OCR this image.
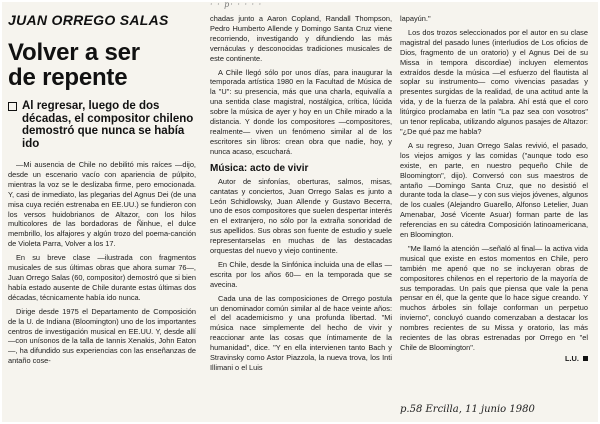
· · p· · · · ·
JUAN ORREGO SALAS
Volver a ser
de repente
Al regresar, luego de dos décadas, el compositor chileno demostró que nunca se había ido

—Mi ausencia de Chile no debilitó mis raíces —dijo, desde un escenario vacío con apariencia de púlpito, mientras la voz se le deslizaba firme, pero emocionada. Y, casi de inmediato, las plegarias del Agnus Dei (de una misa cuya recién estrenaba en EE.UU.) se fundieron con los versos huidobrianos de Altazor, con los hilos multicolores de las bordadoras de Ñinhue, el dulce membrillo, los alfajores y algún trozo del poema-canción de Violeta Parra, Volver a los 17.

En su breve clase —ilustrada con fragmentos musicales de sus últimas obras que ahora sumar 76—, Juan Orrego Salas (60, compositor) demostró que si bien había estado ausente de Chile durante estas últimas dos décadas, técnicamente había ido nunca.

Dirige desde 1975 el Departamento de Composición de la U. de Indiana (Bloomington) uno de los importantes centros de investigación musical en EE.UU. Y, desde allí —con unísonos de la talla de Iannis Xenakis, John Eaton—, ha difundido sus experiencias con las enseñanzas de antaño cose-

chadas junto a Aaron Copland, Randall Thompson, Pedro Humberto Allende y Domingo Santa Cruz viene recorriendo, investigando y difundiendo las más vernáculas y desconocidas tradiciones musicales de este continente.

A Chile llegó sólo por unos días, para inaugurar la temporada artística 1980 en la Facultad de Música de la "U": su presencia, más que una charla, equivalía a una sentida clase magistral, nostálgica, crítica, lúcida sobre la música de ayer y hoy en un Chile mirado a la distancia. Y donde los compositores —compositores, realmente— viven un fenómeno similar al de los escritores sin libros: crean obra que nadie, hoy, y nunca acaso, escuchará.

Música: acto de vivir

Autor de sinfonías, oberturas, salmos, misas, cantatas y conciertos, Juan Orrego Salas es junto a León Schidlowsky, Juan Allende y Gustavo Becerra, uno de esos compositores que suelen despertar interés en el extranjero, no sólo por la extraña sonoridad de sus apellidos. Sus obras son fuente de estudio y suele representarselas en muchas de las destacadas orquestas del nuevo y viejo continente.

En Chile, desde la Sinfónica incluida una de ellas —escrita por los años 60— en la temporada que se avecina.

Cada una de las composiciones de Orrego postula un denominador común similar al de hace veinte años: el del academicismo y una profunda libertad. "Mi música nace simplemente del hecho de vivir y reaccionar ante las cosas que íntimamente de la humanidad", dice. "Y en ella intervienen tanto Bach y Stravinsky como Astor Piazzola, la nueva trova, los Inti Illimani o el Luis

lapayún."

Los dos trozos seleccionados por el autor en su clase magistral del pasado lunes (interludios de Los oficios de Dios, fragmento de un oratorio) y el Agnus Dei de su Missa in tempora discordiae) incluyen elementos extraídos desde la música —el esfuerzo del flautista al soplar su instrumento— como vivencias pasadas y presentes surgidas de la realidad, de una actitud ante la vida, y de la fuerza de la palabra. Ahí está que el coro litúrgico proclamaba en latín "La paz sea con vosotros" un tenor replicaba, utilizando algunos pasajes de Altazor: "¿De qué paz me habla?

A su regreso, Juan Orrego Salas revivió, el pasado, los viejos amigos y las comidas ("aunque todo eso existe, en parte, en nuestro pequeño Chile de Bloomington", dijo). Conversó con sus maestros de antaño —Domingo Santa Cruz, que no desistió el durante toda la clase— y con sus viejos jóvenes, algunos de los cuales (Alejandro Guarello, Alfonso Letelier, Juan Amenabar, José Vicente Asuar) forman parte de las referencias en su cátedra Composición latinoamericana, en Bloomington.

"Me llamó la atención —señaló al final— la activa vida musical que existe en estos momentos en Chile, pero también me apenó que no se incluyeran obras de compositores chilenos en el repertorio de la mayoría de sus temporadas. Un país que piensa que vale la pena pensar en él, que la gente que lo hace sigue creando. Y muchos árboles sin follaje conforman un perpetuo invierno", concluyó cuando comenzaban a destacar los nombres recientes de su Missa y oratorio, las más recientes de las obras estrenadas por Orrego en "el Chile de Bloomington".

L.U.
p.58 Ercilla, 11 junio 1980
